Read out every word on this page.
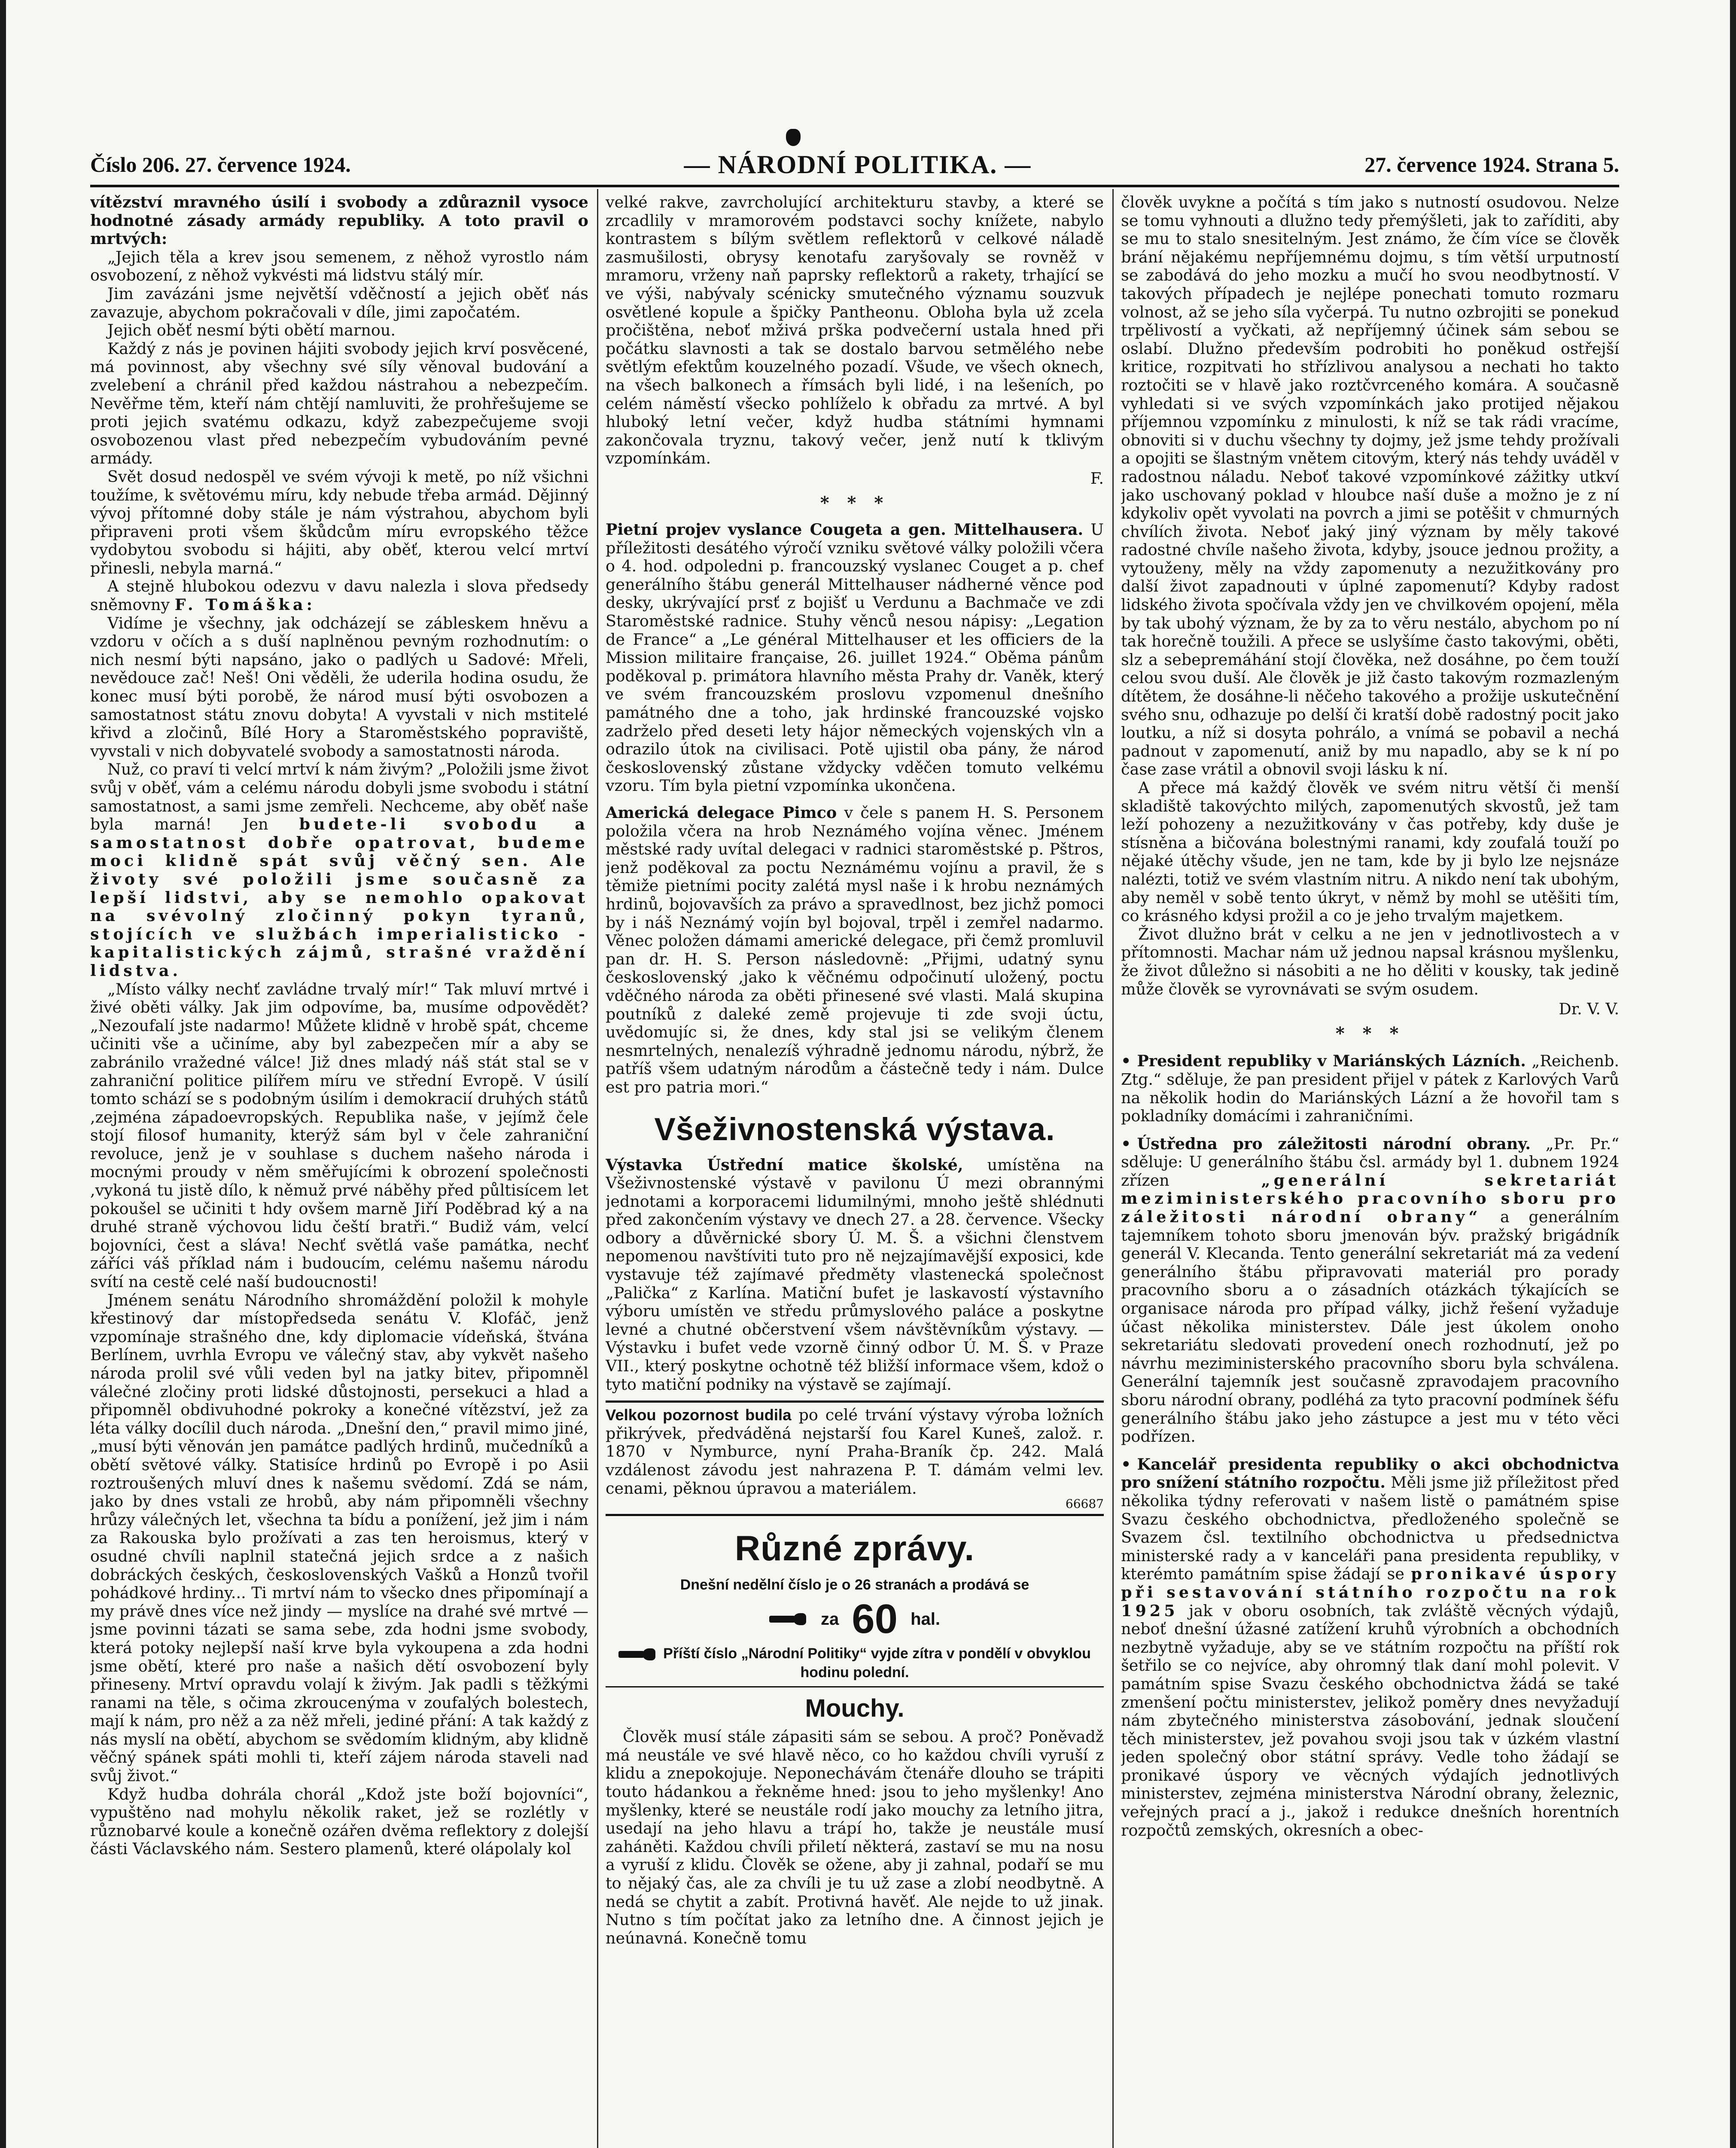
Číslo 206. 27. července 1924.	— NÁRODNÍ POLITIKA. —	27. července 1924. Strana 5.

vítězství mravného úsilí i svobody a zdůraznil vysoce hodnotné zásady armády republiky. A toto pravil o mrtvých:

„Jejich těla a krev jsou semenem, z něhož vyrostlo nám osvobození, z něhož vykvésti má lidstvu stálý mír.

Jim zavázáni jsme největší vděčností a jejich oběť nás zavazuje, abychom pokračovali v díle, jimi započatém.

Jejich oběť nesmí býti obětí marnou.

Každý z nás je povinen hájiti svobody jejich krví posvěcené, má povinnost, aby všechny své síly věnoval budování a zvelebení a chránil před každou nástrahou a nebezpečím. Nevěřme těm, kteří nám chtějí namluviti, že prohřešujeme se proti jejich svatému odkazu, když zabezpečujeme svoji osvobozenou vlast před nebezpečím vybudováním pevné armády.

Svět dosud nedospěl ve svém vývoji k metě, po níž všichni toužíme, k světovému míru, kdy nebude třeba armád. Dějinný vývoj přítomné doby stále je nám výstrahou, abychom byli připraveni proti všem škůdcům míru evropského těžce vydobytou svobodu si hájiti, aby oběť, kterou velcí mrtví přinesli, nebyla marná.“

A stejně hlubokou odezvu v davu nalezla i slova předsedy sněmovny F. Tomáška:

Vidíme je všechny, jak odcházejí se zábleskem hněvu a vzdoru v očích a s duší naplněnou pevným rozhodnutím: o nich nesmí býti napsáno, jako o padlých u Sadové: Mřeli, nevědouce zač! Neš! Oni věděli, že uderila hodina osudu, že konec musí býti porobě, že národ musí býti osvobozen a samostatnost státu znovu dobyta! A vyvstali v nich mstitelé křivd a zločinů, Bílé Hory a Staroměstského popraviště, vyvstali v nich dobyvatelé svobody a samostatnosti národa.

Nuž, co praví ti velcí mrtví k nám živým? „Položili jsme život svůj v oběť, vám a celému národu dobyli jsme svobodu i státní samostatnost, a sami jsme zemřeli. Nechceme, aby oběť naše byla marná! Jen budete-li svobodu a samostatnost dobře opatrovat, budeme moci klidně spát svůj věčný sen. Ale životy své položili jsme současně za lepší lidstvi, aby se nemohlo opakovat na svévolný zločinný pokyn tyranů, stojících ve službách imperialisticko - kapitalistických zájmů, strašné vraždění lidstva.

„Místo války nechť zavládne trvalý mír!“ Tak mluví mrtvé i živé oběti války. Jak jim odpovíme, ba, musíme odpovědět? „Nezoufalí jste nadarmo! Můžete klidně v hrobě spát, chceme učiniti vše a učiníme, aby byl zabezpečen mír a aby se zabránilo vražedné válce! Již dnes mladý náš stát stal se v zahraniční politice pilířem míru ve střední Evropě. V úsilí tomto schází se s podobným úsilím i demokracií druhých států ,zejména západoevropských. Republika naše, v jejímž čele stojí filosof humanity, kterýž sám byl v čele zahraniční revoluce, jenž je v souhlase s duchem našeho národa i mocnými proudy v něm směřujícími k obrození společnosti ,vykoná tu jistě dílo, k němuž prvé náběhy před půltisícem let pokoušel se učiniti t hdy ovšem marně Jiří Poděbrad ký a na druhé straně výchovou lidu čeští bratři.“ Budiž vám, velcí bojovníci, čest a sláva! Nechť světlá vaše památka, nechť záříci váš příklad nám i budoucím, celému našemu národu svítí na cestě celé naší budoucnosti!

Jménem senátu Národního shromáždění položil k mohyle křestinový dar místopředseda senátu V. Klofáč, jenž vzpomínaje strašného dne, kdy diplomacie vídeňská, štvána Berlínem, uvrhla Evropu ve válečný stav, aby vykvět našeho národa prolil své vůli veden byl na jatky bitev, připomněl válečné zločiny proti lidské důstojnosti, persekuci a hlad a připomněl obdivuhodné pokroky a konečné vítězství, jež za léta války docílil duch národa. „Dnešní den,“ pravil mimo jiné, „musí býti věnován jen památce padlých hrdinů, mučedníků a obětí světové války. Statisíce hrdinů po Evropě i po Asii roztroušených mluví dnes k našemu svědomí. Zdá se nám, jako by dnes vstali ze hrobů, aby nám připomněli všechny hrůzy válečných let, všechna ta bídu a ponížení, jež jim i nám za Rakouska bylo prožívati a zas ten heroismus, který v osudné chvíli naplnil statečná jejich srdce a z našich dobráckých českých, československých Vašků a Honzů tvořil pohádkové hrdiny... Ti mrtví nám to všecko dnes připomínají a my právě dnes více než jindy — myslíce na drahé své mrtvé — jsme povinni tázati se sama sebe, zda hodni jsme svobody, která potoky nejlepší naší krve byla vykoupena a zda hodni jsme obětí, které pro naše a našich dětí osvobození byly přineseny. Mrtví opravdu volají k živým. Jak padli s těžkými ranami na těle, s očima zkroucenýma v zoufalých bolestech, mají k nám, pro něž a za něž mřeli, jediné přání: A tak každý z nás myslí na obětí, abychom se svědomím klidným, aby klidně věčný spánek spáti mohli ti, kteří zájem národa staveli nad svůj život.“

Když hudba dohrála chorál „Kdož jste boží bojovníci“, vypuštěno nad mohylu několik raket, jež se rozlétly v různobarvé koule a konečně ozářen dvěma reflektory z dolejší části Václavského nám. Sestero plamenů, které olápolaly kol

velké rakve, zavrcholující architekturu stavby, a které se zrcadlily v mramorovém podstavci sochy knížete, nabylo kontrastem s bílým světlem reflektorů v celkové náladě zasmušilosti, obrysy kenotafu zaryšovaly se rovněž v mramoru, vrženy naň paprsky reflektorů a rakety, trhající se ve výši, nabývaly scénicky smutečného významu souzvuk osvětlené kopule a špičky Pantheonu. Obloha byla už zcela pročištěna, neboť mživá prška podvečerní ustala hned při počátku slavnosti a tak se dostalo barvou setmělého nebe světlým efektům kouzelného pozadí. Všude, ve všech oknech, na všech balkonech a římsách byli lidé, i na lešeních, po celém náměstí všecko pohlíželo k obřadu za mrtvé. A byl hluboký letní večer, když hudba státními hymnami zakončovala tryznu, takový večer, jenž nutí k tklivým vzpomínkám.

F.
* * *

Pietní projev vyslance Cougeta a gen. Mittelhausera. U příležitosti desátého výročí vzniku světové války položili včera o 4. hod. odpoledni p. francouzský vyslanec Couget a p. chef generálního štábu generál Mittelhauser nádherné věnce pod desky, ukrývající prsť z bojišť u Verdunu a Bachmače ve zdi Staroměstské radnice. Stuhy věnců nesou nápisy: „Legation de France“ a „Le général Mittelhauser et les officiers de la Mission militaire française, 26. juillet 1924.“ Oběma pánům poděkoval p. primátora hlavního města Prahy dr. Vaněk, který ve svém francouzském proslovu vzpomenul dnešního památného dne a toho, jak hrdinské francouzské vojsko zadrželo před deseti lety hájor německých vojenských vln a odrazilo útok na civilisaci. Potě ujistil oba pány, že národ československý zůstane vždycky vděčen tomuto velkému vzoru. Tím byla pietní vzpomínka ukončena.

Americká delegace Pimco v čele s panem H. S. Personem položila včera na hrob Neznámého vojína věnec. Jménem městské rady uvítal delegaci v radnici staroměstské p. Pštros, jenž poděkoval za poctu Neznámému vojínu a pravil, že s těmiže pietními pocity zalétá mysl naše i k hrobu neznámých hrdinů, bojovavších za právo a spravedlnost, bez jichž pomoci by i náš Neznámý vojín byl bojoval, trpěl i zemřel nadarmo. Věnec položen dámami americké delegace, při čemž promluvil pan dr. H. S. Person následovně: „Přijmi, udatný synu československý ,jako k věčnému odpočinutí uložený, poctu vděčného národa za oběti přinesené své vlasti. Malá skupina poutníků z daleké země projevuje ti zde svoji úctu, uvědomujíc si, že dnes, kdy stal jsi se velikým členem nesmrtelných, nenalezíš výhradně jednomu národu, nýbrž, že patříš všem udatným národům a částečně tedy i nám. Dulce est pro patria mori.“

Všeživnostenská výstava.

Výstavka Ústřední matice školské, umístěna na Všeživnostenské výstavě v pavilonu Ú mezi obrannými jednotami a korporacemi lidumilnými, mnoho ještě shlédnuti před zakončením výstavy ve dnech 27. a 28. července. Všecky odbory a důvěrnické sbory Ú. M. Š. a všichni členstvem nepomenou navštíviti tuto pro ně nejzajímavější exposici, kde vystavuje též zajímavé předměty vlastenecká společnost „Palička“ z Karlína. Matiční bufet je laskavostí výstavního výboru umístěn ve středu průmyslového paláce a poskytne levné a chutné občerstvení všem návštěvníkům výstavy. — Výstavku i bufet vede vzorně činný odbor Ú. M. Š. v Praze VII., který poskytne ochotně též bližší informace všem, kdož o tyto matiční podniky na výstavě se zajímají.

Velkou pozornost budila po celé trvání výstavy výroba ložních přikrývek, předváděná nejstarší fou Karel Kuneš, založ. r. 1870 v Nymburce, nyní Praha-Braník čp. 242. Malá vzdálenost závodu jest nahrazena P. T. dámám velmi lev. cenami, pěknou úpravou a materiálem.

66687
Různé zprávy.
Dnešní nedělní číslo je o 26 stranách a prodává se
za 60 hal.
Příští číslo „Národní Politiky“ vyjde zítra v pondělí v obvyklou hodinu polední.
Mouchy.

Člověk musí stále zápasiti sám se sebou. A proč? Poněvadž má neustále ve své hlavě něco, co ho každou chvíli vyruší z klidu a znepokojuje. Neponechávám čtenáře dlouho se trápiti touto hádankou a řekněme hned: jsou to jeho myšlenky! Ano myšlenky, které se neustále rodí jako mouchy za letního jitra, usedají na jeho hlavu a trápí ho, takže je neustále musí zaháněti. Každou chvíli přiletí některá, zastaví se mu na nosu a vyruší z klidu. Člověk se ožene, aby ji zahnal, podaří se mu to nějaký čas, ale za chvíli je tu už zase a zlobí neodbytně. A nedá se chytit a zabít. Protivná havěť. Ale nejde to už jinak. Nutno s tím počítat jako za letního dne. A činnost jejich je neúnavná. Konečně tomu

člověk uvykne a počítá s tím jako s nutností osudovou. Nelze se tomu vyhnouti a dlužno tedy přemýšleti, jak to zaříditi, aby se mu to stalo snesitelným. Jest známo, že čím více se člověk brání nějakému nepříjemnému dojmu, s tím větší urputností se zabodává do jeho mozku a mučí ho svou neodbytností. V takových případech je nejlépe ponechati tomuto rozmaru volnost, až se jeho síla vyčerpá. Tu nutno ozbrojiti se ponekud trpělivostí a vyčkati, až nepříjemný účinek sám sebou se oslabí. Dlužno především podrobiti ho poněkud ostřejší kritice, rozpitvati ho střízlivou analysou a nechati ho takto roztočiti se v hlavě jako roztčvrceného komára. A současně vyhledati si ve svých vzpomínkách jako protijed nějakou příjemnou vzpomínku z minulosti, k níž se tak rádi vracíme, obnoviti si v duchu všechny ty dojmy, jež jsme tehdy prožívali a opojiti se šlastným vnětem citovým, který nás tehdy uváděl v radostnou náladu. Neboť takové vzpomínkové zážitky utkví jako uschovaný poklad v hloubce naší duše a možno je z ní kdykoliv opět vyvolati na povrch a jimi se potěšit v chmurných chvílích života. Neboť jaký jiný význam by měly takové radostné chvíle našeho života, kdyby, jsouce jednou prožity, a vytouženy, měly na vždy zapomenuty a nezužitkovány pro další život zapadnouti v úplné zapomenutí? Kdyby radost lidského života spočívala vždy jen ve chvilkovém opojení, měla by tak ubohý význam, že by za to věru nestálo, abychom po ní tak horečně toužili. A přece se uslyšíme často takovými, oběti, slz a sebepremáhání stojí člověka, než dosáhne, po čem touží celou svou duší. Ale člověk je již často takovým rozmazleným dítětem, že dosáhne-li něčeho takového a prožije uskutečnění svého snu, odhazuje po delší či kratší době radostný pocit jako loutku, a níž si dosyta pohrálo, a vnímá se pobavil a nechá padnout v zapomenutí, aniž by mu napadlo, aby se k ní po čase zase vrátil a obnovil svoji lásku k ní.

A přece má každý člověk ve svém nitru větší či menší skladiště takovýchto milých, zapomenutých skvostů, jež tam leží pohozeny a nezužitkovány v čas potřeby, kdy duše je stísněna a bičována bolestnými ranami, kdy zoufalá touží po nějaké útěchy všude, jen ne tam, kde by ji bylo lze nejsnáze nalézti, totiž ve svém vlastním nitru. A nikdo není tak ubohým, aby neměl v sobě tento úkryt, v němž by mohl se utěšiti tím, co krásného kdysi prožil a co je jeho trvalým majetkem.

Život dlužno brát v celku a ne jen v jednotlivostech a v přítomnosti. Machar nám už jednou napsal krásnou myšlenku, že život důležno si násobiti a ne ho děliti v kousky, tak jedině může člověk se vyrovnávati se svým osudem.

Dr. V. V.
* * *

• President republiky v Mariánských Lázních. „Reichenb. Ztg.“ sděluje, že pan president přijel v pátek z Karlových Varů na několik hodin do Mariánských Lázní a že hovořil tam s pokladníky domácími i zahraničními.

• Ústředna pro záležitosti národní obrany. „Pr. Pr.“ sděluje: U generálního štábu čsl. armády byl 1. dubnem 1924 zřízen „generální sekretariát meziministerského pracovního sboru pro záležitosti národní obrany“ a generálním tajemníkem tohoto sboru jmenován býv. pražský brigádník generál V. Klecanda. Tento generální sekretariát má za vedení generálního štábu připravovati materiál pro porady pracovního sboru a o zásadních otázkách týkajících se organisace národa pro případ války, jichž řešení vyžaduje účast několika ministerstev. Dále jest úkolem onoho sekretariátu sledovati provedení onech rozhodnutí, jež po návrhu meziministerského pracovního sboru byla schválena. Generální tajemník jest současně zpravodajem pracovního sboru národní obrany, podléhá za tyto pracovní podmínek šéfu generálního štábu jako jeho zástupce a jest mu v této věci podřízen.

• Kancelář presidenta republiky o akci obchodnictva pro snížení státního rozpočtu. Měli jsme již příležitost před několika týdny referovati v našem listě o památném spise Svazu českého obchodnictva, předloženého společně se Svazem čsl. textilního obchodnictva u předsednictva ministerské rady a v kanceláři pana presidenta republiky, v kterémto památním spise žádají se pronikavé úspory při sestavování státního rozpočtu na rok 1925 jak v oboru osobních, tak zvláště věcných výdajů, neboť dnešní úžasné zatížení kruhů výrobních a obchodních nezbytně vyžaduje, aby se ve státním rozpočtu na příští rok šetřilo se co nejvíce, aby ohromný tlak daní mohl polevit. V památním spise Svazu českého obchodnictva žádá se také zmenšení počtu ministerstev, jelikož poměry dnes nevyžadují nám zbytečného ministerstva zásobování, jednak sloučení těch ministerstev, jež povahou svoji jsou tak v úzkém vlastní jeden společný obor státní správy. Vedle toho žádají se pronikavé úspory ve věcných výdajích jednotlivých ministerstev, zejména ministerstva Národní obrany, železnic, veřejných prací a j., jakož i redukce dnešních horentních rozpočtů zemských, okresních a obec-
